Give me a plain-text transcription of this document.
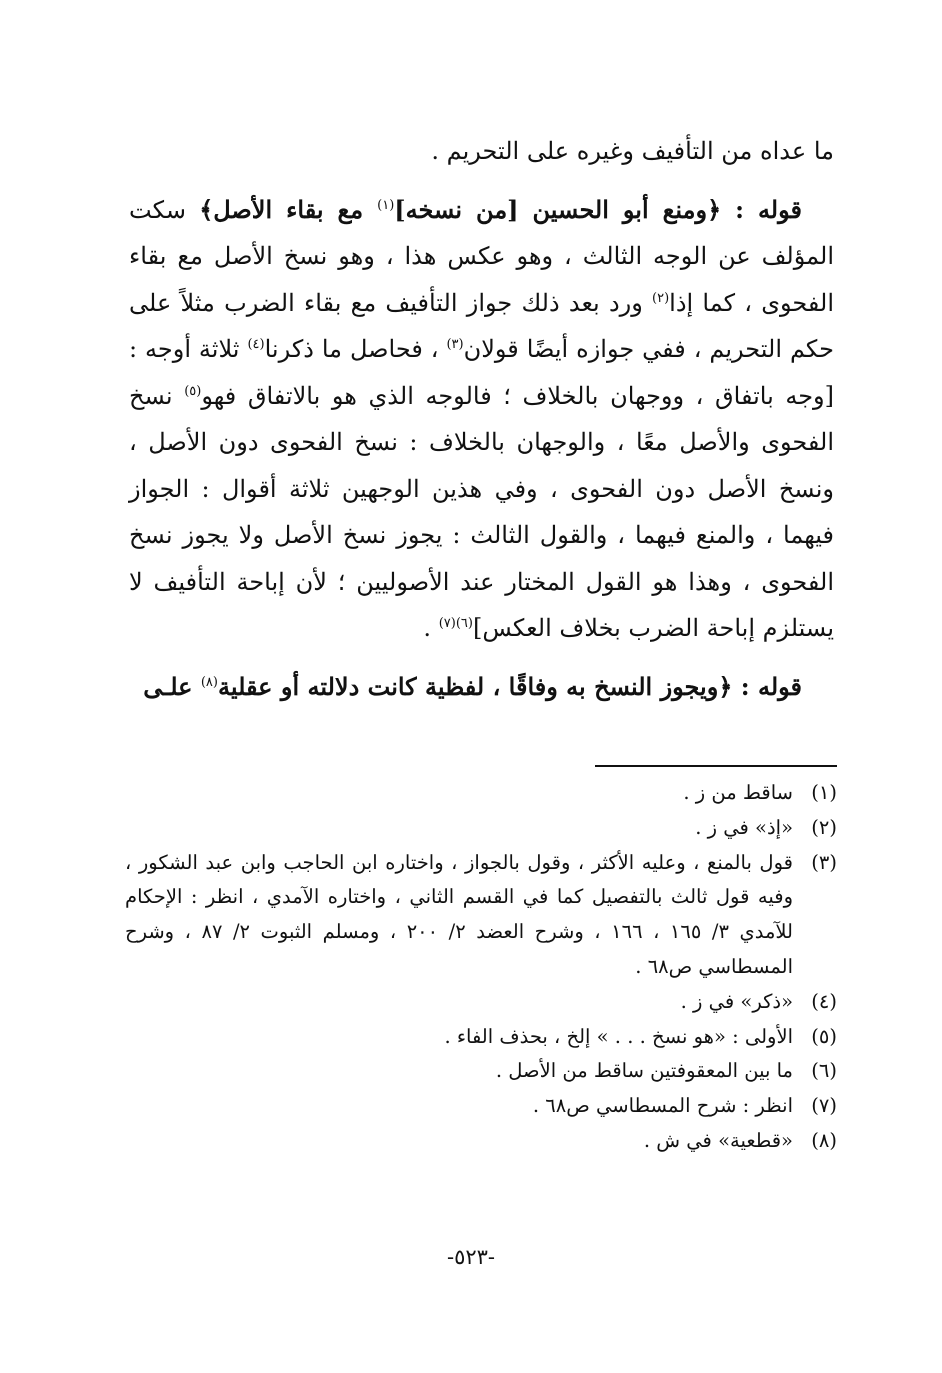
ما عداه من التأفيف وغيره على التحريم .

قوله : ﴿ومنع أبو الحسين [من نسخه]$^{(١)}$ مع بقاء الأصل﴾ سكت المؤلف عن الوجه الثالث ، وهو عكس هذا ، وهو نسخ الأصل مع بقاء الفحوى ، كما إذا$^{(٢)}$ ورد بعد ذلك جواز التأفيف مع بقاء الضرب مثلاً على حكم التحريم ، ففي جوازه أيضًا قولان$^{(٣)}$ ، فحاصل ما ذكرنا$^{(٤)}$ ثلاثة أوجه : [وجه باتفاق ، ووجهان بالخلاف ؛ فالوجه الذي هو بالاتفاق فهو$^{(٥)}$ نسخ الفحوى والأصل معًا ، والوجهان بالخلاف : نسخ الفحوى دون الأصل ، ونسخ الأصل دون الفحوى ، وفي هذين الوجهين ثلاثة أقوال : الجواز فيهما ، والمنع فيهما ، والقول الثالث : يجوز نسخ الأصل ولا يجوز نسخ الفحوى ، وهذا هو القول المختار عند الأصوليين ؛ لأن إباحة التأفيف لا يستلزم إباحة الضرب بخلاف العكس]$^{(٦)(٧)}$ .

قوله : ﴿ويجوز النسخ به وفاقًا ، لفظية كانت دلالته أو عقلية$^{(٨)}$ علـى

(١)
ساقط من ز .
(٢)
«إذ» في ز .
(٣)
قول بالمنع ، وعليه الأكثر ، وقول بالجواز ، واختاره ابن الحاجب وابن عبد الشكور ، وفيه قول ثالث بالتفصيل كما في القسم الثاني ، واختاره الآمدي ، انظر : الإحكام للآمدي ٣/ ١٦٥ ، ١٦٦ ، وشرح العضد ٢/ ٢٠٠ ، ومسلم الثبوت ٢/ ٨٧ ، وشرح المسطاسي ص٦٨ .
(٤)
«ذكر» في ز .
(٥)
الأولى : «هو نسخ . . . » إلخ ، بحذف الفاء .
(٦)
ما بين المعقوفتين ساقط من الأصل .
(٧)
انظر : شرح المسطاسي ص٦٨ .
(٨)
«قطعية» في ش .
-٥٢٣-
